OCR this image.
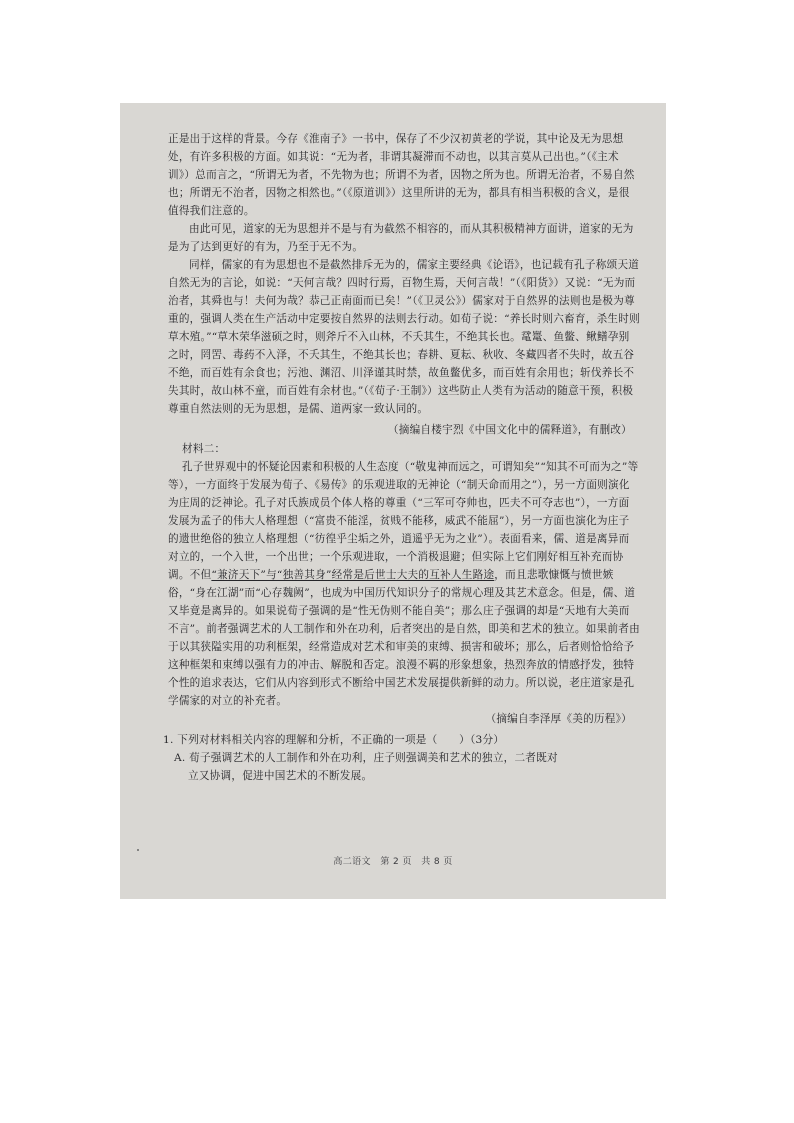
正是出于这样的背景。今存《淮南子》一书中，保存了不少汉初黄老的学说，其中论及无为思想处，有许多积极的方面。如其说：“无为者，非谓其凝滞而不动也，以其言莫从己出也。”（《主术训》）总而言之，“所谓无为者，不先物为也；所谓不为者，因物之所为也。所谓无治者，不易自然也；所谓无不治者，因物之相然也。”（《原道训》）这里所讲的无为，都具有相当积极的含义，是很值得我们注意的。

由此可见，道家的无为思想并不是与有为截然不相容的，而从其积极精神方面讲，道家的无为是为了达到更好的有为，乃至于无不为。

同样，儒家的有为思想也不是截然排斥无为的，儒家主要经典《论语》，也记载有孔子称颂天道自然无为的言论，如说：“天何言哉？四时行焉，百物生焉，天何言哉！”（《阳货》）又说：“无为而治者，其舜也与！夫何为哉？恭己正南面而已矣！”（《卫灵公》）儒家对于自然界的法则也是极为尊重的，强调人类在生产活动中定要按自然界的法则去行动。如荀子说：“养长时则六畜育，杀生时则草木殖。”“草木荣华滋硕之时，则斧斤不入山林，不夭其生，不绝其长也。鼋鼍、鱼鳖、鳅鳝孕别之时，罔罟、毒药不入泽，不夭其生，不绝其长也；春耕、夏耘、秋收、冬藏四者不失时，故五谷不绝，而百姓有余食也；污池、渊沼、川泽谨其时禁，故鱼鳖优多，而百姓有余用也；斩伐养长不失其时，故山林不童，而百姓有余材也。”（《荀子·王制》）这些防止人类有为活动的随意干预，积极尊重自然法则的无为思想，是儒、道两家一致认同的。

（摘编自楼宇烈《中国文化中的儒释道》，有删改）

材料二：

孔子世界观中的怀疑论因素和积极的人生态度（“敬鬼神而远之，可谓知矣”“知其不可而为之”等等），一方面终于发展为荀子、《易传》的乐观进取的无神论（“制天命而用之”），另一方面则演化为庄周的泛神论。孔子对氏族成员个体人格的尊重（“三军可夺帅也，匹夫不可夺志也”），一方面发展为孟子的伟大人格理想（“富贵不能淫，贫贱不能移，威武不能屈”），另一方面也演化为庄子的遗世绝俗的独立人格理想（“彷徨乎尘垢之外，逍遥乎无为之业”）。表面看来，儒、道是离异而对立的，一个入世，一个出世；一个乐观进取，一个消极退避；但实际上它们刚好相互补充而协调。不但“兼济天下”与“独善其身”经常是后世士大夫的互补人生路途，而且悲歌慷慨与愤世嫉俗，“身在江湖”而“心存魏阙”，也成为中国历代知识分子的常规心理及其艺术意念。但是，儒、道又毕竟是离异的。如果说荀子强调的是“性无伪则不能自美”；那么庄子强调的却是“天地有大美而不言”。前者强调艺术的人工制作和外在功利，后者突出的是自然，即美和艺术的独立。如果前者由于以其狭隘实用的功利框架，经常造成对艺术和审美的束缚、损害和破坏；那么，后者则恰恰给予这种框架和束缚以强有力的冲击、解脱和否定。浪漫不羁的形象想象，热烈奔放的情感抒发，独特个性的追求表达，它们从内容到形式不断给中国艺术发展提供新鲜的动力。所以说，老庄道家是孔学儒家的对立的补充者。

（摘编自李泽厚《美的历程》）

1. 下列对材料相关内容的理解和分析，不正确的一项是（　　）（3分）

A. 荀子强调艺术的人工制作和外在功利，庄子则强调美和艺术的独立，二者既对
立又协调，促进中国艺术的不断发展。

高二语文　第 2 页　共 8 页
